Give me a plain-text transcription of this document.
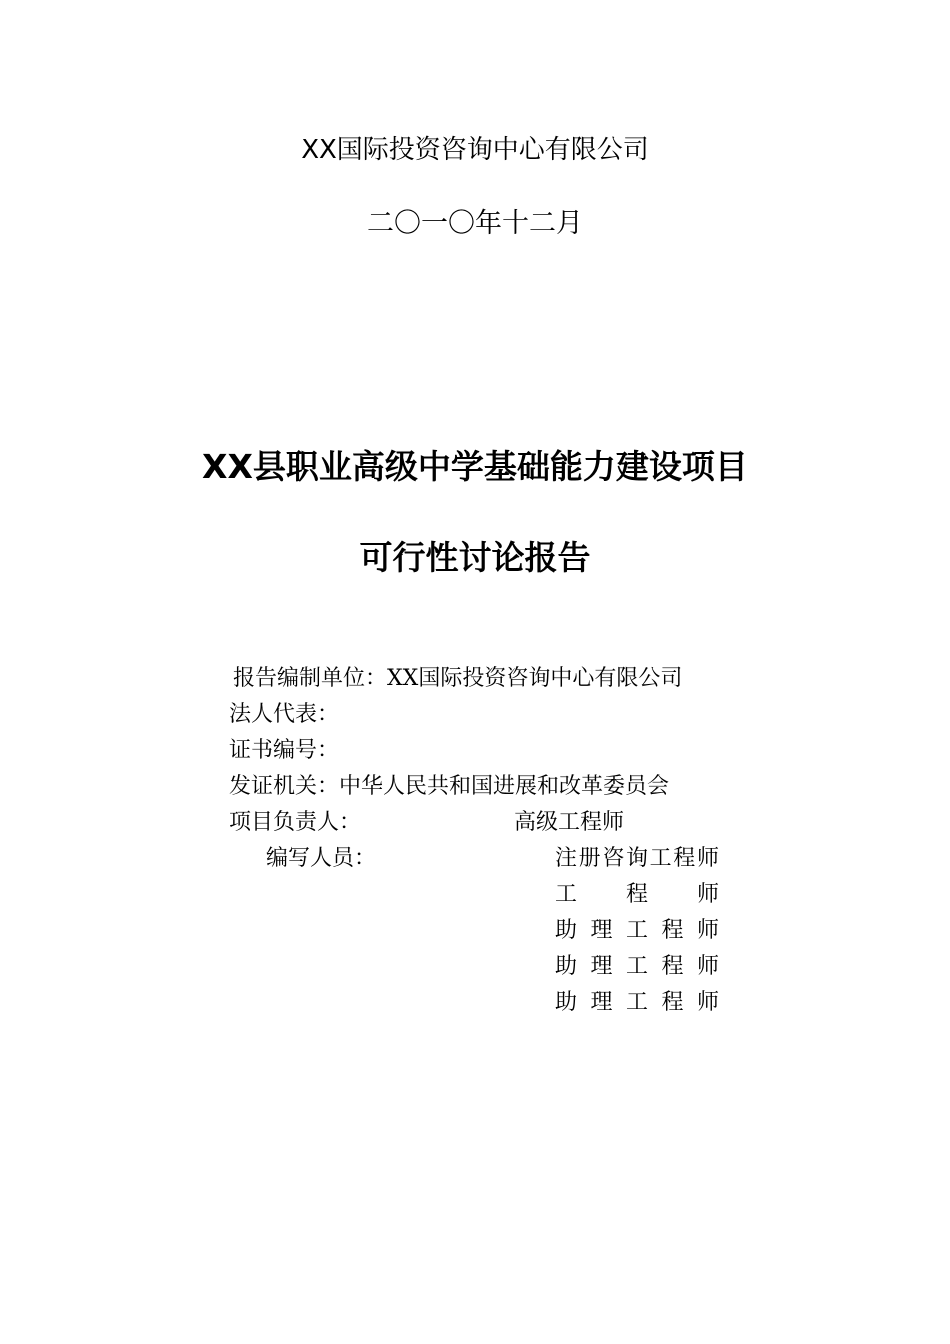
XX国际投资咨询中心有限公司
二〇一〇年十二月
XX县职业高级中学基础能力建设项目
可行性讨论报告
报告编制单位：XX国际投资咨询中心有限公司
法人代表：
证书编号：
发证机关：中华人民共和国进展和改革委员会
项目负责人：	高级工程师
编写人员：	注 册 咨 询 工 程 师
工 程 师
助 理 工 程 师
助 理 工 程 师
助 理 工 程 师
